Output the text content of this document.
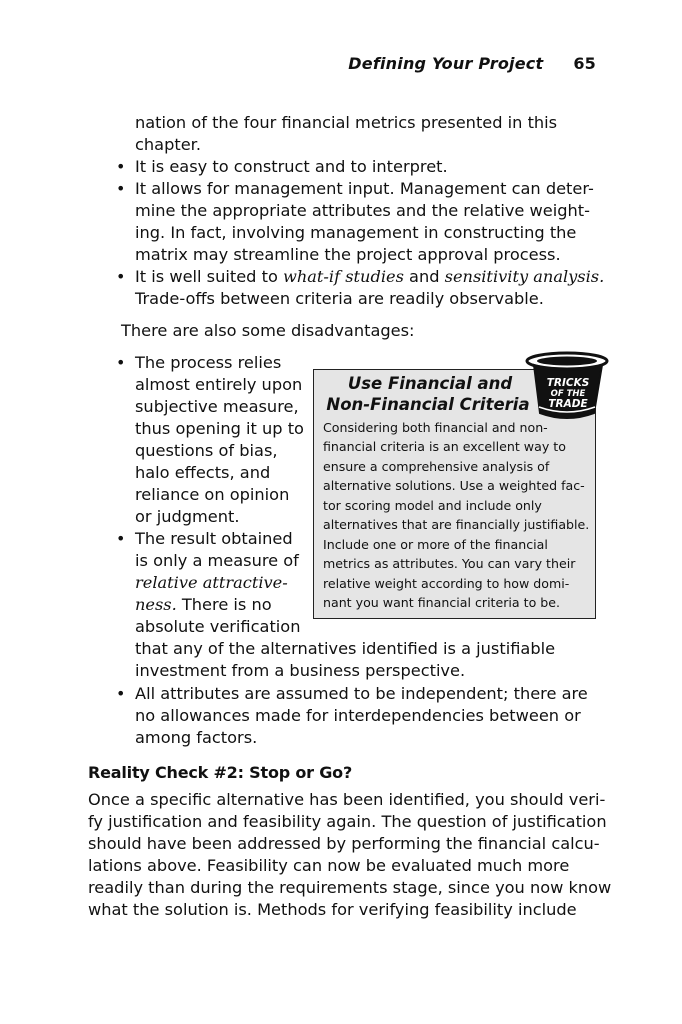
Defining Your Project 65
nation of the four financial metrics presented in this
chapter.
• It is easy to construct and to interpret.
• It allows for management input. Management can deter-
mine the appropriate attributes and the relative weight-
ing. In fact, involving management in constructing the
matrix may streamline the project approval process.
• It is well suited to what-if studies and sensitivity analysis.
Trade-offs between criteria are readily observable.
There are also some disadvantages:
• The process relies
almost entirely upon
subjective measure,
thus opening it up to
questions of bias,
halo effects, and
reliance on opinion
or judgment.
• The result obtained
is only a measure of
relative attractive-
ness. There is no
absolute verification
that any of the alternatives identified is a justifiable
investment from a business perspective.
• All attributes are assumed to be independent; there are
no allowances made for interdependencies between or
among factors.
Use Financial and
Non-Financial Criteria
Considering both financial and non-
financial criteria is an excellent way to
ensure a comprehensive analysis of
alternative solutions. Use a weighted fac-
tor scoring model and include only
alternatives that are financially justifiable.
Include one or more of the financial
metrics as attributes. You can vary their
relative weight according to how domi-
nant you want financial criteria to be.
TRICKS
OF THE
TRADE
Reality Check #2: Stop or Go?
Once a specific alternative has been identified, you should veri-
fy justification and feasibility again. The question of justification
should have been addressed by performing the financial calcu-
lations above. Feasibility can now be evaluated much more
readily than during the requirements stage, since you now know
what the solution is. Methods for verifying feasibility include
